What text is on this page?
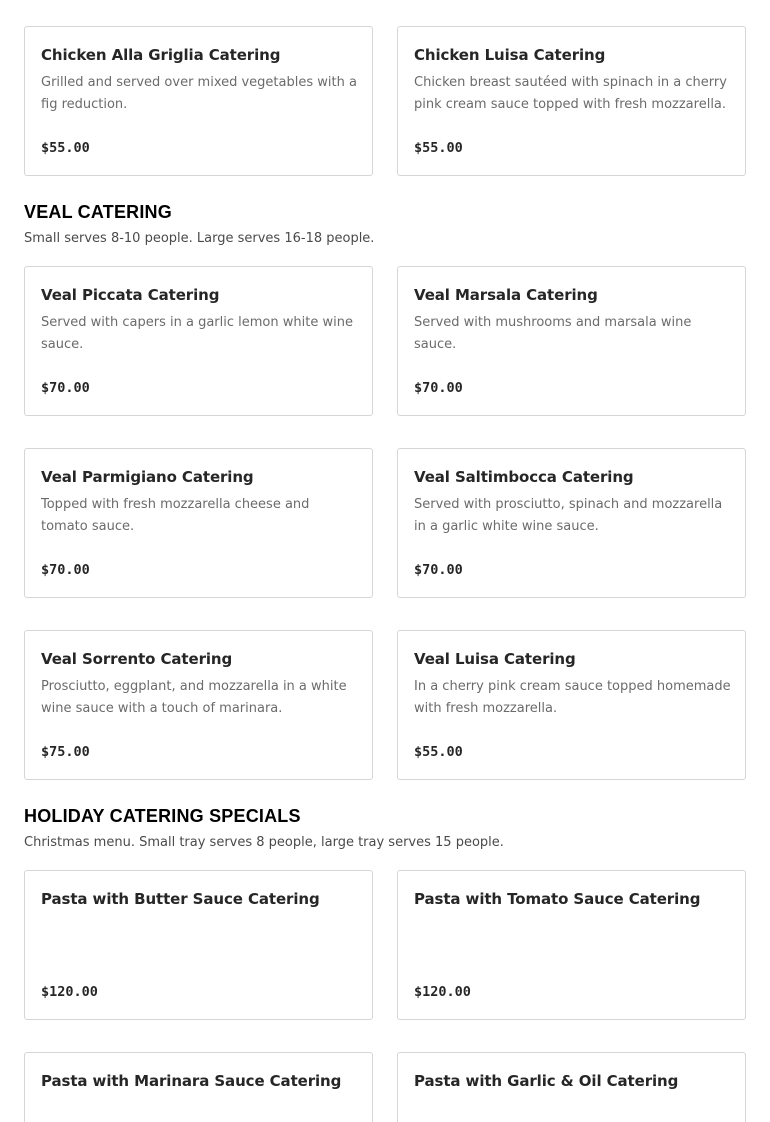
Chicken Alla Griglia Catering
Grilled and served over mixed vegetables with a fig reduction.
$55.00
Chicken Luisa Catering
Chicken breast sautéed with spinach in a cherry pink cream sauce topped with fresh mozzarella.
$55.00
VEAL CATERING
Small serves 8-10 people. Large serves 16-18 people.
Veal Piccata Catering
Served with capers in a garlic lemon white wine sauce.
$70.00
Veal Marsala Catering
Served with mushrooms and marsala wine sauce.
$70.00
Veal Parmigiano Catering
Topped with fresh mozzarella cheese and tomato sauce.
$70.00
Veal Saltimbocca Catering
Served with prosciutto, spinach and mozzarella in a garlic white wine sauce.
$70.00
Veal Sorrento Catering
Prosciutto, eggplant, and mozzarella in a white wine sauce with a touch of marinara.
$75.00
Veal Luisa Catering
In a cherry pink cream sauce topped homemade with fresh mozzarella.
$55.00
HOLIDAY CATERING SPECIALS
Christmas menu. Small tray serves 8 people, large tray serves 15 people.
Pasta with Butter Sauce Catering
$120.00
Pasta with Tomato Sauce Catering
$120.00
Pasta with Marinara Sauce Catering	Pasta with Garlic & Oil Catering
